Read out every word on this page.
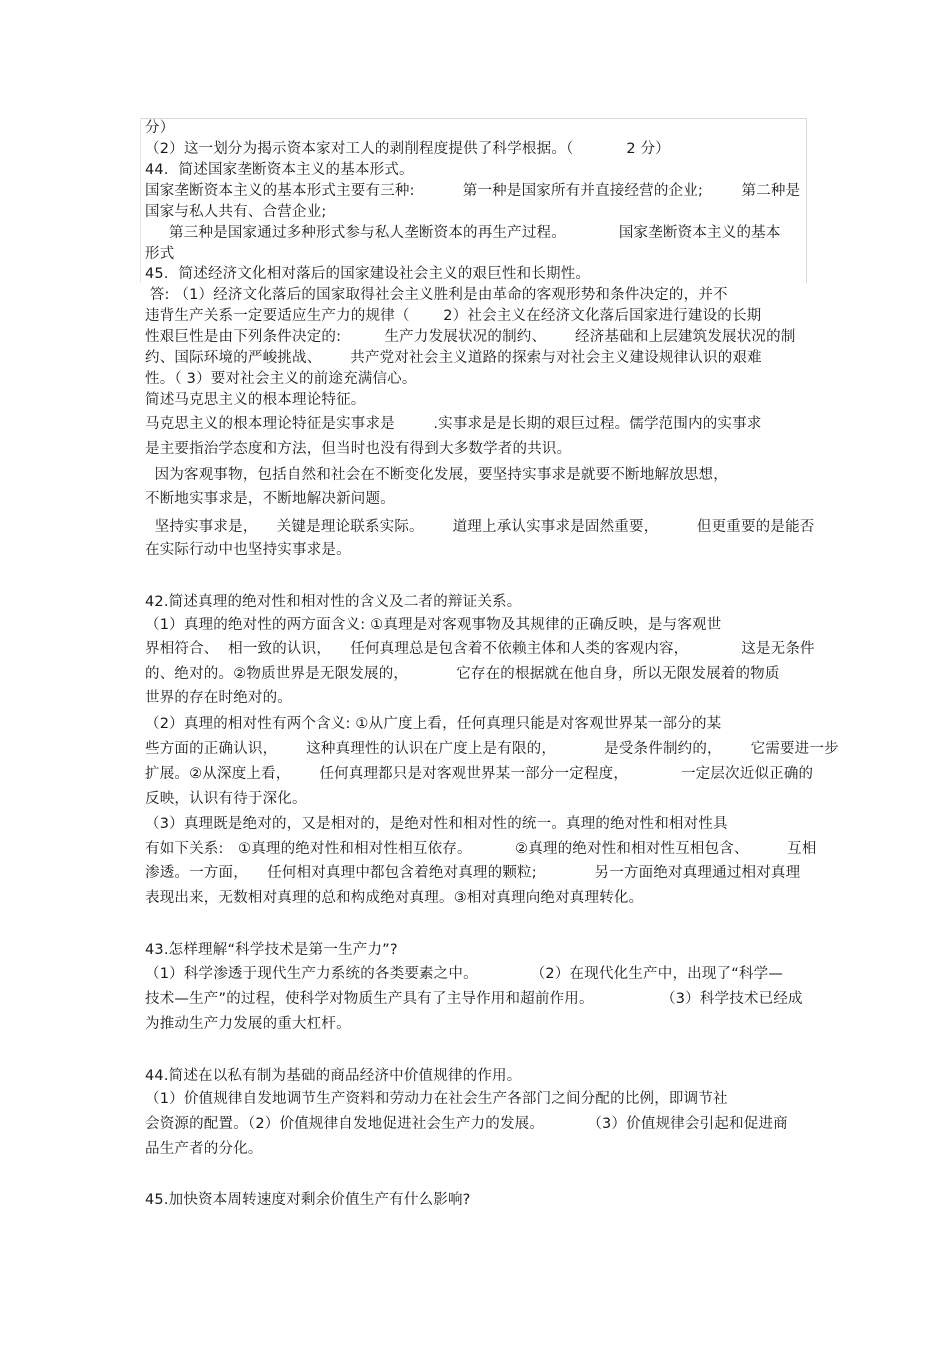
分）
（2）这一划分为揭示资本家对工人的剥削程度提供了科学根据。（           2 分）
44．简述国家垄断资本主义的基本形式。
国家垄断资本主义的基本形式主要有三种:          第一种是国家所有并直接经营的企业;        第二种是
国家与私人共有、合营企业;
第三种是国家通过多种形式参与私人垄断资本的再生产过程。           国家垄断资本主义的基本
形式
45．简述经济文化相对落后的国家建设社会主义的艰巨性和长期性。
答: （1）经济文化落后的国家取得社会主义胜利是由革命的客观形势和条件决定的，并不
违背生产关系一定要适应生产力的规律（       2）社会主义在经济文化落后国家进行建设的长期
性艰巨性是由下列条件决定的:         生产力发展状况的制约、      经济基础和上层建筑发展状况的制
约、国际环境的严峻挑战、      共产党对社会主义道路的探索与对社会主义建设规律认识的艰难
性。（ 3）要对社会主义的前途充满信心。
简述马克思主义的根本理论特征。
马克思主义的根本理论特征是实事求是        .实事求是是长期的艰巨过程。儒学范围内的实事求
是主要指治学态度和方法，但当时也没有得到大多数学者的共识。
因为客观事物，包括自然和社会在不断变化发展，要坚持实事求是就要不断地解放思想，
不断地实事求是，不断地解决新问题。
坚持实事求是，    关键是理论联系实际。      道理上承认实事求是固然重要，        但更重要的是能否
在实际行动中也坚持实事求是。
42.简述真理的绝对性和相对性的含义及二者的辩证关系。
（1）真理的绝对性的两方面含义: ①真理是对客观事物及其规律的正确反映，是与客观世
界相符合、  相一致的认识，    任何真理总是包含着不依赖主体和人类的客观内容，           这是无条件
的、绝对的。②物质世界是无限发展的，          它存在的根据就在他自身，所以无限发展着的物质
世界的存在时绝对的。
（2）真理的相对性有两个含义: ①从广度上看，任何真理只能是对客观世界某一部分的某
些方面的正确认识，      这种真理性的认识在广度上是有限的，          是受条件制约的，      它需要进一步
扩展。②从深度上看，      任何真理都只是对客观世界某一部分一定程度，           一定层次近似正确的
反映，认识有待于深化。
（3）真理既是绝对的，又是相对的，是绝对性和相对性的统一。真理的绝对性和相对性具
有如下关系:   ①真理的绝对性和相对性相互依存。         ②真理的绝对性和相对性互相包含、        互相
渗透。一方面，    任何相对真理中都包含着绝对真理的颗粒;            另一方面绝对真理通过相对真理
表现出来，无数相对真理的总和构成绝对真理。③相对真理向绝对真理转化。
43.怎样理解“科学技术是第一生产力”?
（1）科学渗透于现代生产力系统的各类要素之中。           （2）在现代化生产中，出现了“科学—
技术—生产”的过程，使科学对物质生产具有了主导作用和超前作用。              （3）科学技术已经成
为推动生产力发展的重大杠杆。
44.简述在以私有制为基础的商品经济中价值规律的作用。
（1）价值规律自发地调节生产资料和劳动力在社会生产各部门之间分配的比例，即调节社
会资源的配置。（2）价值规律自发地促进社会生产力的发展。         （3）价值规律会引起和促进商
品生产者的分化。
45.加快资本周转速度对剩余价值生产有什么影响?
